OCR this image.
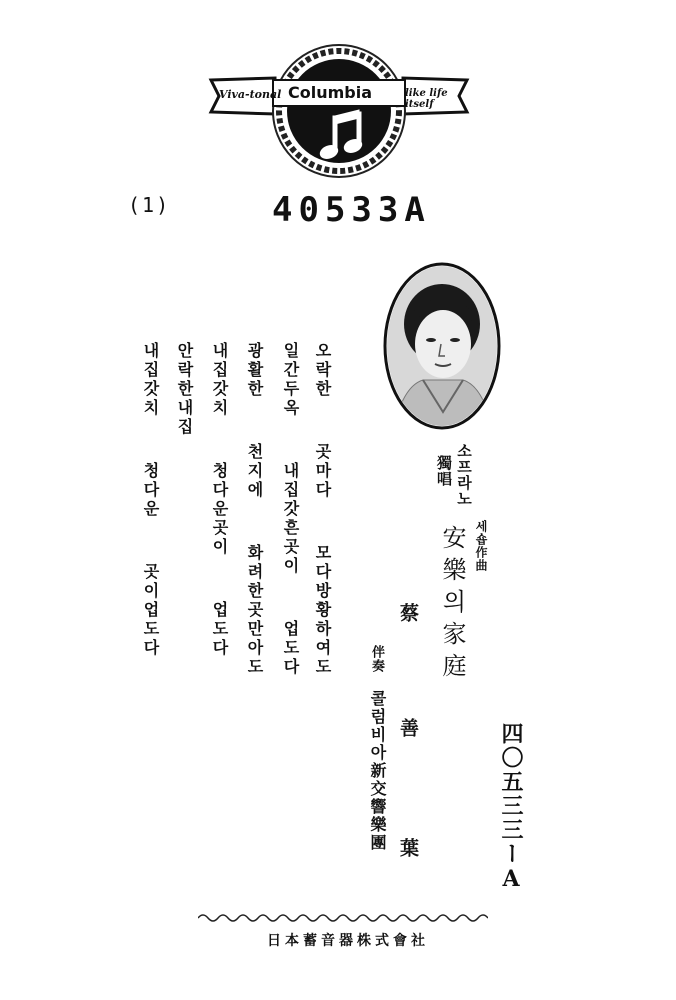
Viva-tonal Columbia	like life itself
(1)	40533A
오락한  곳마다  모다방황하여도
일간두옥  내집갓흔곳이  업도다
광활한  천지에  화려한곳만아도
내집갓치  청다운곳이  업도다
안락한내집
내집갓치  청다운  곳이업도다	소프라노
獨唱
세숍作曲
安樂의家庭
蔡
善
葉
伴奏
콜럼비아新交響樂團	四〇五三三ーA
日本蓄音器株式會社
